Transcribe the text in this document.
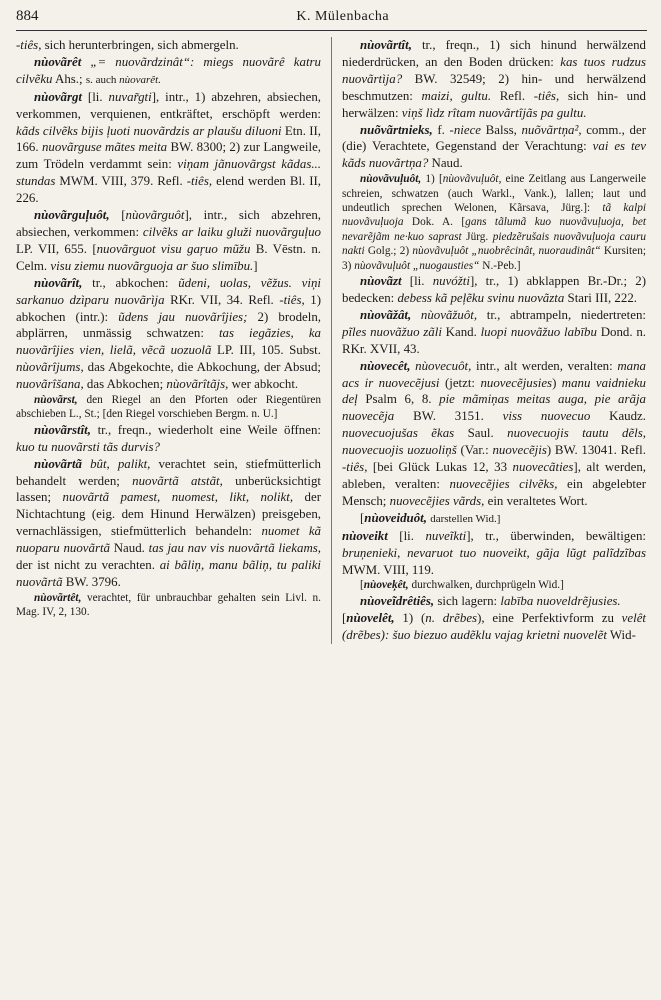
884	K. Mülenbacha

-tiês, sich herunterbringen, sich abmergeln.

nùovãrêt „= nuovãrdzinât“: miegs nuovãrê katru cilvẽku Ahs.; s. auch nùovarêt.

nùovãrgt [li. nuvar̃gti], intr., 1) abzehren, absiechen, verkommen, verquienen, entkräftet, erschöpft werden: kãds cilvẽks bijis ļuoti nuovãrdzis ar plaušu diluoni Etn. II, 166. nuovãrguse mãtes meita BW. 8300; 2) zur Langweile, zum Trödeln verdammt sein: viņam jãnuovãrgst kãdas... stundas MWM. VIII, 379. Refl. -tiês, elend werden Bl. II, 226.

nùovãrguļuôt, [nùovãrguôt], intr., sich abzehren, absiechen, verkommen: cilvẽks ar laiku gluži nuovãrguļuo LP. VII, 655. [nuovãrguot visu gaŗuo mũžu B. Vēstn. n. Celm. visu ziemu nuovãrguoja ar šuo slimību.]

nùovãrît, tr., abkochen: ũdeni, uolas, vẽžus. viņi sarkanuo dzìparu nuovãrìja RKr. VII, 34. Refl. -tiês, 1) abkochen (intr.): ũdens jau nuovãrîjies; 2) brodeln, abplärren, unmässig schwatzen: tas iegãzies, ka nuovãrîjies vien, lielã, vẽcã uozuolã LP. III, 105. Subst. nùovãrîjums, das Abgekochte, die Abkochung, der Absud; nuovãrîšana, das Abkochen; nùovãrîtãjs, wer abkocht.

nùovãrst, den Riegel an den Pforten oder Riegentüren abschieben L., St.; [den Riegel vorschieben Bergm. n. U.]

nùovãrstît, tr., freqn., wiederholt eine Weile öffnen: kuo tu nuovãrsti tãs durvis?

nùovãrtã bût, palikt, verachtet sein, stiefmütterlich behandelt werden; nuovãrtã atstãt, unberücksichtigt lassen; nuovãrtã pamest, nuomest, likt, nolikt, der Nichtachtung (eig. dem Hinund Herwälzen) preisgeben, vernachlässigen, stiefmütterlich behandeln: nuomet kã nuoparu nuovãrtã Naud. tas jau nav vis nuovãrtã liekams, der ist nicht zu verachten. ai bãliņ, manu bãliņ, tu paliki nuovãrtã BW. 3796.

nùovãrtêt, verachtet, für unbrauchbar gehalten sein Livl. n. Mag. IV, 2, 130.

nùovãrtît, tr., freqn., 1) sich hinund herwälzend niederdrücken, an den Boden drücken: kas tuos rudzus nuovãrtìja? BW. 32549; 2) hin- und herwälzend beschmutzen: maizi, gultu. Refl. -tiês, sich hin- und herwälzen: viņš lìdz rîtam nuovãrtîjãs pa gultu.

nuõvãrtnieks, f. -niece Balss, nuõvãrtņa², comm., der (die) Verachtete, Gegenstand der Verachtung: vai es tev kãds nuovãrtņa? Naud.

nùovãvuļuôt, 1) [nùovãvuļuôt, eine Zeitlang aus Langerweile schreien, schwatzen (auch Warkl., Vank.), lallen; laut und undeutlich sprechen Welonen, Kãrsava, Jürg.]: tã kalpi nuovãvuļuoja Dok. A. [gans tãlumã kuo nuovãvuļuoja, bet nevarẽjãm ne·kuo saprast Jürg. piedzẽrušais nuovãvuļuoja cauru nakti Golg.; 2) nùovãvuļuôt „nuobrêcinât, nuoraudinât“ Kursiten; 3) nùovãvuļuôt „nuogausties“ N.-Peb.]

nùovãzt [li. nuvóžti], tr., 1) abklappen Br.-Dr.; 2) bedecken: debess kã peļẽku svinu nuovãzta Stari III, 222.

nùovãžât, nùovãžuôt, tr., abtrampeln, niedertreten: pĩles nuovãžuo zãli Kand. luopi nuovãžuo labību Dond. n. RKr. XVII, 43.

nùovecêt, nùovecuôt, intr., alt werden, veralten: mana acs ir nuovecẽjusi (jetzt: nuovecẽjusies) manu vaidnieku deļ Psalm 6, 8. pie mãmiņas meitas auga, pie arãja nuovecẽja BW. 3151. viss nuovecuo Kaudz. nuovecuojušas ẽkas Saul. nuovecuojis tautu dẽls, nuovecuojis uozuoliņš (Var.: nuovecẽjis) BW. 13041. Refl. -tiês, [bei Glück Lukas 12, 33 nuovecãties], alt werden, ableben, veralten: nuovecẽjies cilvẽks, ein abgelebter Mensch; nuovecẽjies vãrds, ein veraltetes Wort.

[nùoveiduôt, darstellen Wid.]

nùoveikt [li. nuveĩkti], tr., überwinden, bewältigen: bruņenieki, nevaruot tuo nuoveikt, gãja lũgt palĩdzĩbas MWM. VIII, 119.

[nùoveķêt, durchwalken, durchprügeln Wid.]

nùoveĩdrêtiês, sich lagern: labība nuoveldrẽjusies.

[nùovelêt, 1) (n. drẽbes), eine Perfektivform zu velêt (drẽbes): šuo biezuo audẽklu vajag krietni nuovelẽt Wid-
